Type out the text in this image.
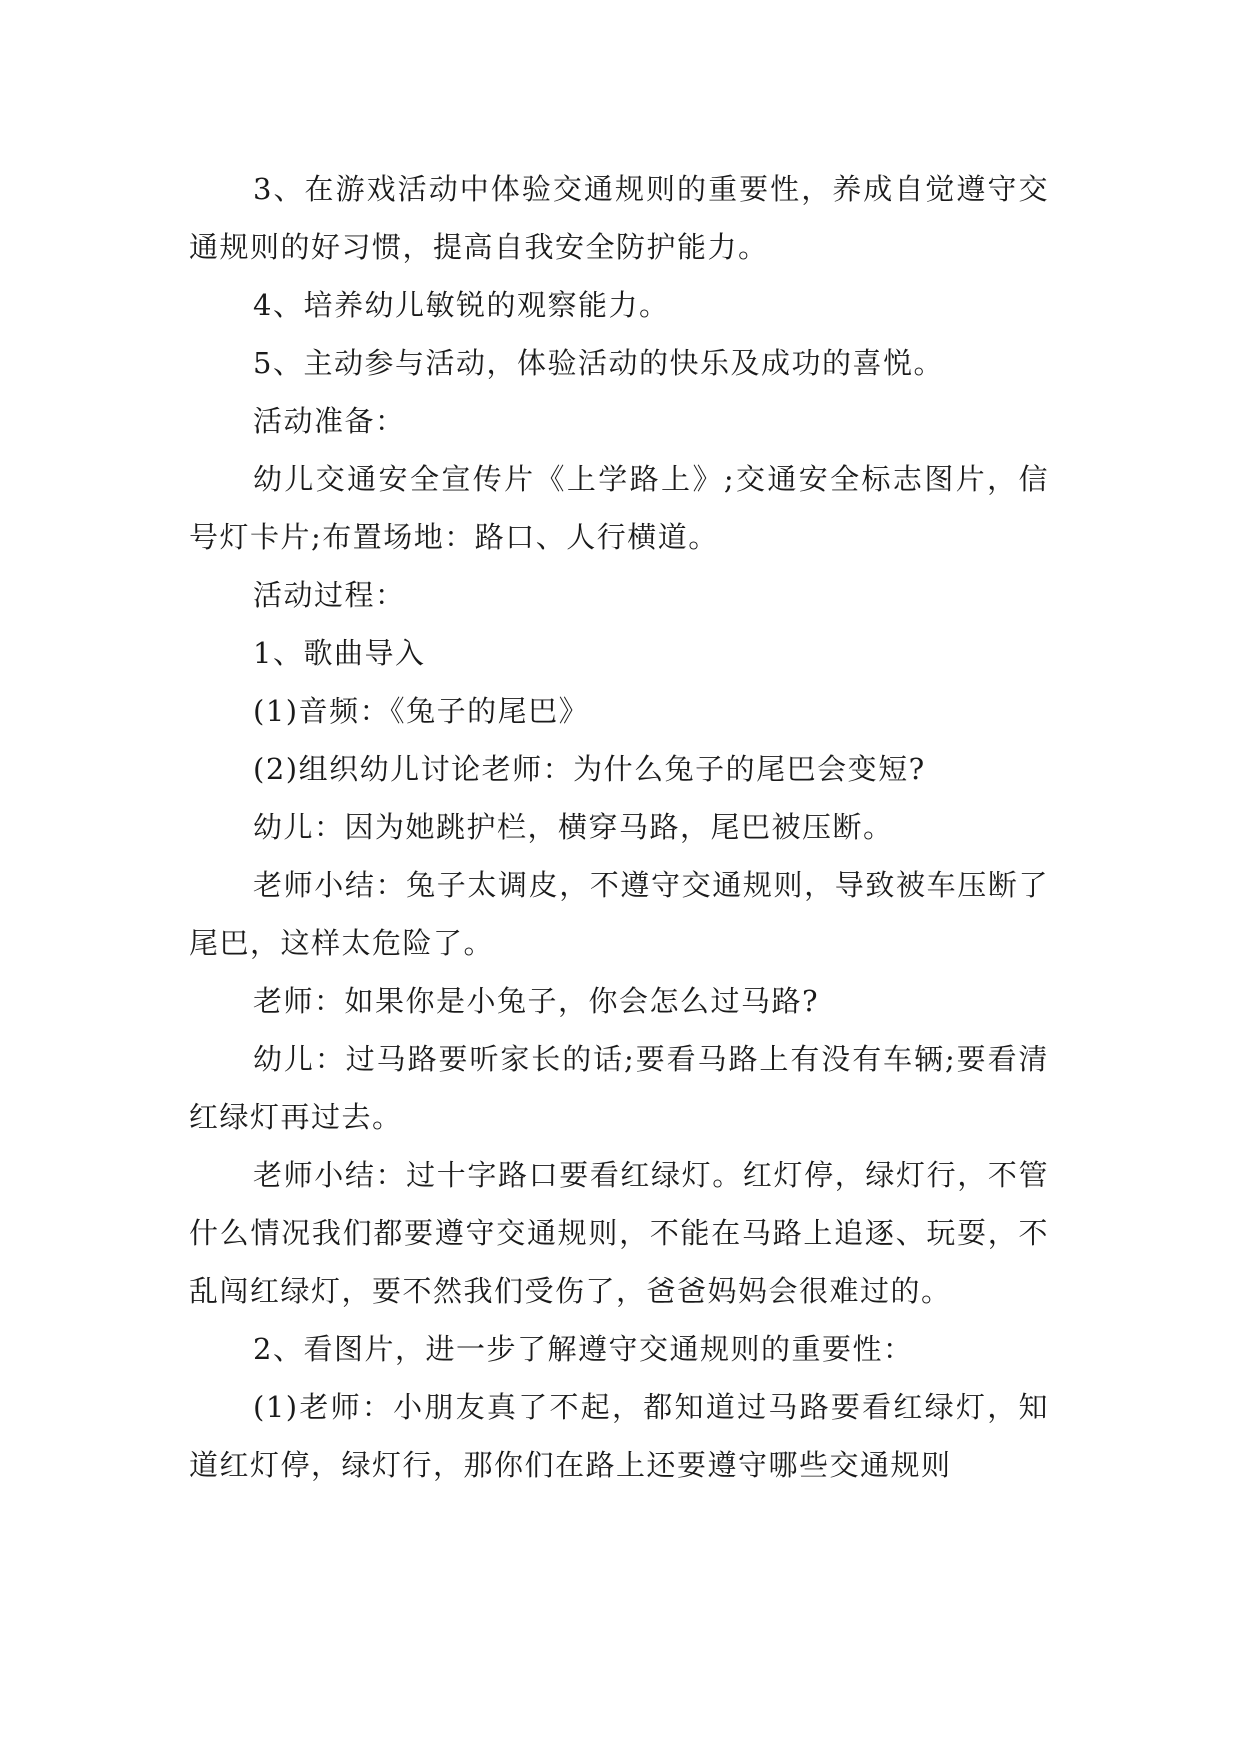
3、在游戏活动中体验交通规则的重要性，养成自觉遵守交通规则的好习惯，提高自我安全防护能力。

4、培养幼儿敏锐的观察能力。

5、主动参与活动，体验活动的快乐及成功的喜悦。

活动准备：

幼儿交通安全宣传片《上学路上》;交通安全标志图片，信号灯卡片;布置场地：路口、人行横道。

活动过程：

1、歌曲导入

(1)音频：《兔子的尾巴》

(2)组织幼儿讨论老师：为什么兔子的尾巴会变短?

幼儿：因为她跳护栏，横穿马路，尾巴被压断。

老师小结：兔子太调皮，不遵守交通规则，导致被车压断了尾巴，这样太危险了。

老师：如果你是小兔子，你会怎么过马路?

幼儿：过马路要听家长的话;要看马路上有没有车辆;要看清红绿灯再过去。

老师小结：过十字路口要看红绿灯。红灯停，绿灯行，不管什么情况我们都要遵守交通规则，不能在马路上追逐、玩耍，不乱闯红绿灯，要不然我们受伤了，爸爸妈妈会很难过的。

2、看图片，进一步了解遵守交通规则的重要性：

(1)老师：小朋友真了不起，都知道过马路要看红绿灯，知道红灯停，绿灯行，那你们在路上还要遵守哪些交通规则
